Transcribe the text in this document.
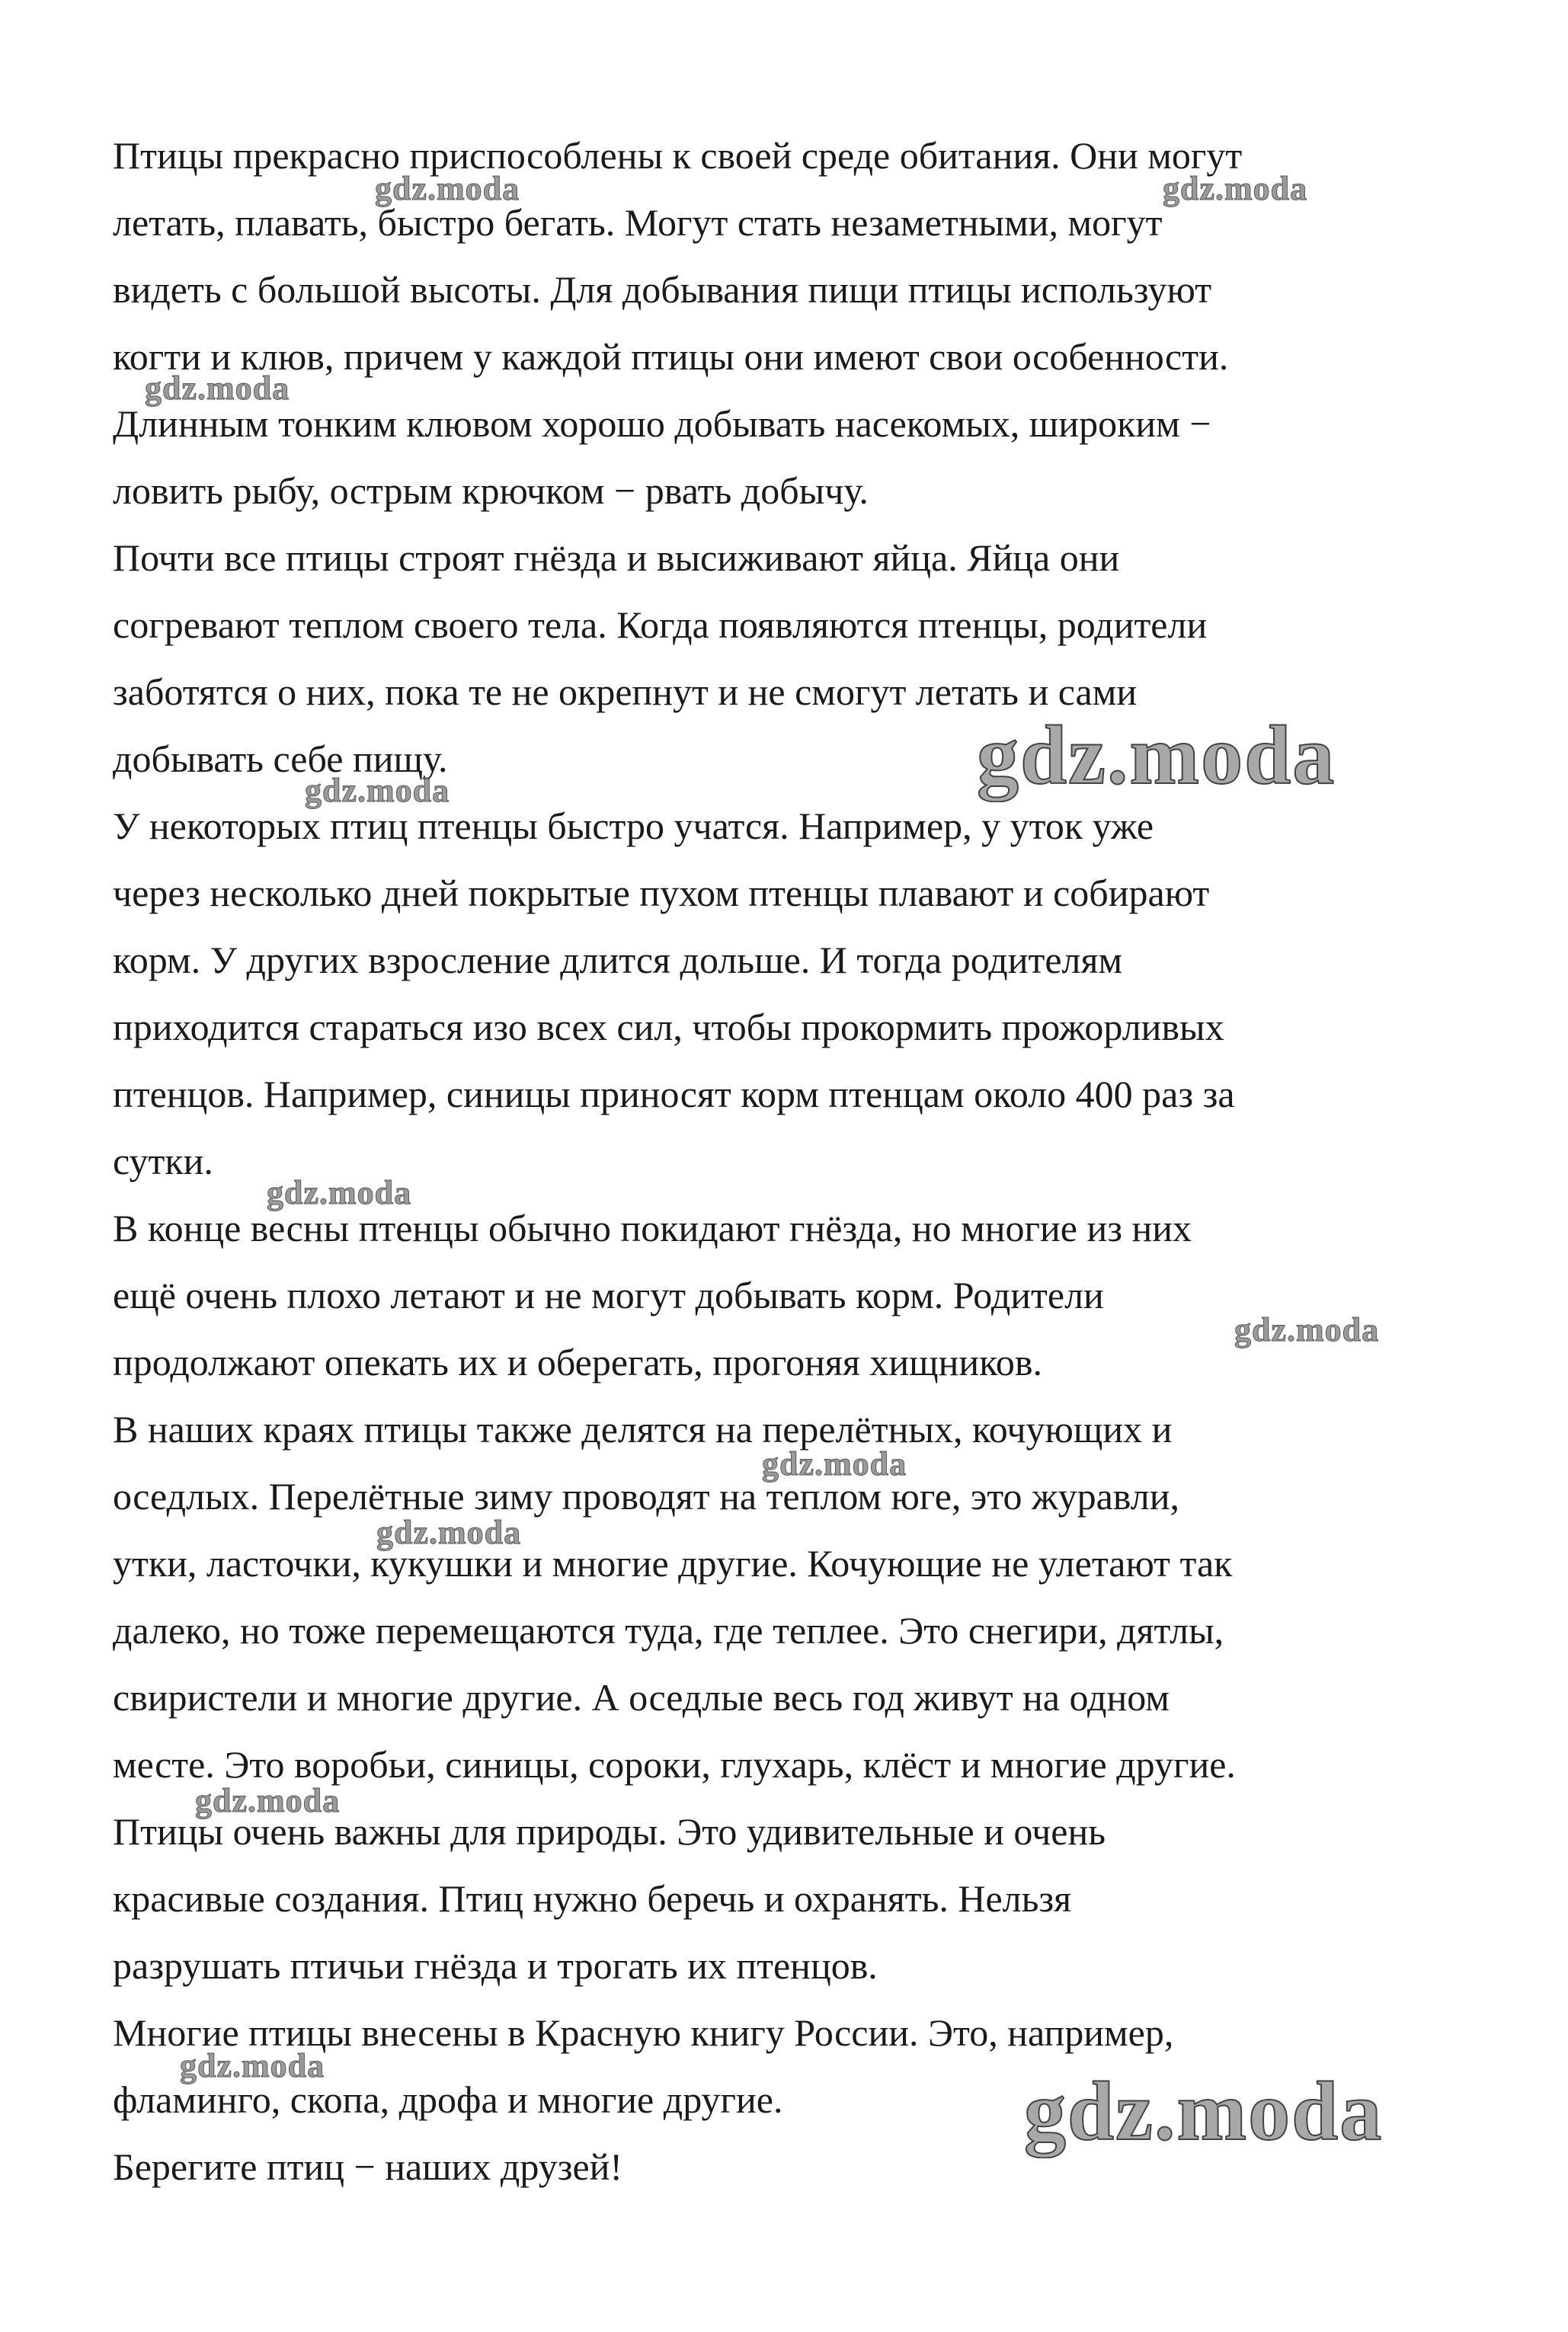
Птицы прекрасно приспособлены к своей среде обитания. Они могут
летать, плавать, быстро бегать. Могут стать незаметными, могут
видеть с большой высоты. Для добывания пищи птицы используют
когти и клюв, причем у каждой птицы они имеют свои особенности.
Длинным тонким клювом хорошо добывать насекомых, широким −
ловить рыбу, острым крючком − рвать добычу.
Почти все птицы строят гнёзда и высиживают яйца. Яйца они
согревают теплом своего тела. Когда появляются птенцы, родители
заботятся о них, пока те не окрепнут и не смогут летать и сами
добывать себе пищу.
У некоторых птиц птенцы быстро учатся. Например, у уток уже
через несколько дней покрытые пухом птенцы плавают и собирают
корм. У других взросление длится дольше. И тогда родителям
приходится стараться изо всех сил, чтобы прокормить прожорливых
птенцов. Например, синицы приносят корм птенцам около 400 раз за
сутки.
В конце весны птенцы обычно покидают гнёзда, но многие из них
ещё очень плохо летают и не могут добывать корм. Родители
продолжают опекать их и оберегать, прогоняя хищников.
В наших краях птицы также делятся на перелётных, кочующих и
оседлых. Перелётные зиму проводят на теплом юге, это журавли,
утки, ласточки, кукушки и многие другие. Кочующие не улетают так
далеко, но тоже перемещаются туда, где теплее. Это снегири, дятлы,
свиристели и многие другие. А оседлые весь год живут на одном
месте. Это воробьи, синицы, сороки, глухарь, клёст и многие другие.
Птицы очень важны для природы. Это удивительные и очень
красивые создания. Птиц нужно беречь и охранять. Нельзя
разрушать птичьи гнёзда и трогать их птенцов.
Многие птицы внесены в Красную книгу России. Это, например,
фламинго, скопа, дрофа и многие другие.
Берегите птиц − наших друзей!
gdz.moda	gdz.moda
gdz.moda
gdz.moda
gdz.moda
gdz.moda
gdz.moda
gdz.moda
gdz.moda
gdz.moda
gdz.moda	gdz.moda
